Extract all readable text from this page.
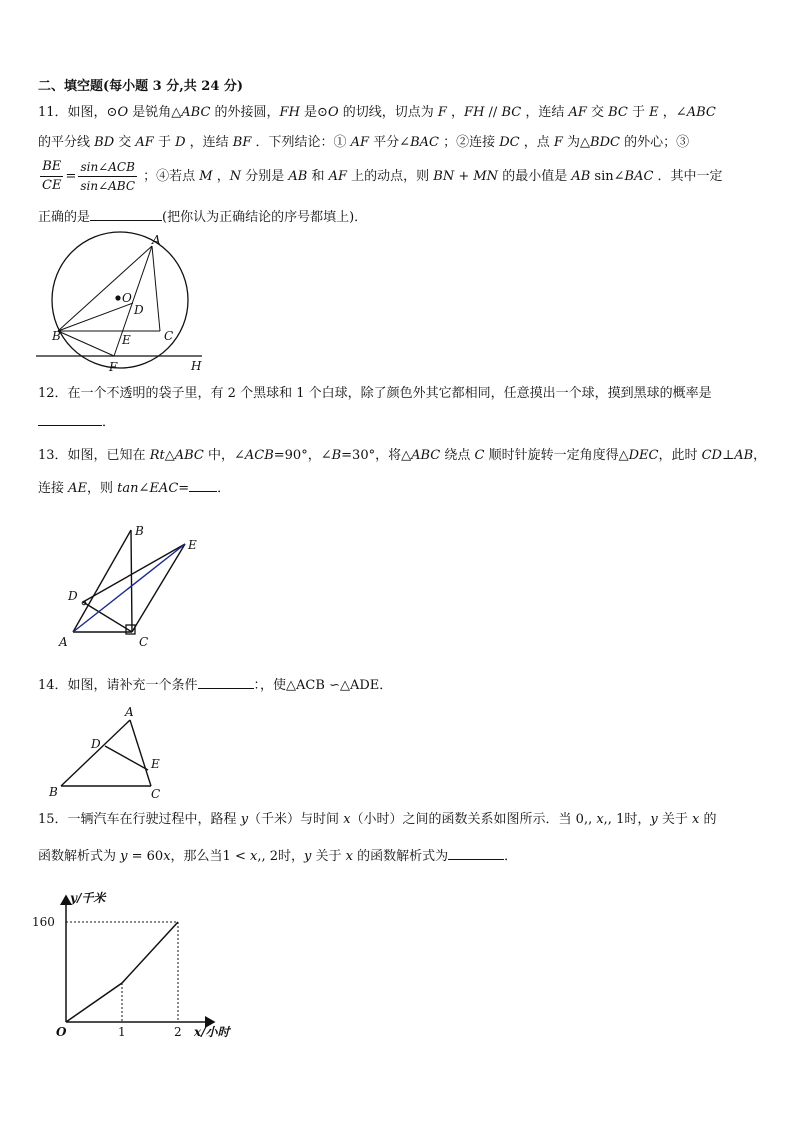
二、填空题(每小题 3 分,共 24 分)
11．如图，⊙O 是锐角△ABC 的外接圆，FH 是⊙O 的切线，切点为 F ，FH // BC ，连结 AF 交 BC 于 E ，∠ABC
的平分线 BD 交 AF 于 D ，连结 BF ．下列结论：① AF 平分∠BAC ；②连接 DC ，点 F 为△BDC 的外心；③
$\frac{BE}{CE} = \frac{\text{sin∠ACB}}{\text{sin∠ABC}}$ ；④若点 M ，N 分别是 AB 和 AF 上的动点，则 BN + MN 的最小值是 AB sin∠BAC ．其中一定
正确的是	(把你认为正确结论的序号都填上)．
A
O
D
B	C
E
F	H
12．在一个不透明的袋子里，有 2 个黑球和 1 个白球，除了颜色外其它都相同，任意摸出一个球，摸到黑球的概率是
．
13．如图，已知在 Rt△ABC 中，∠ACB=90°，∠B=30°，将△ABC 绕点 C 顺时针旋转一定角度得△DEC，此时 CD⊥AB，
连接 AE，则 tan∠EAC= ．
B
E
D
A	C
14．如图，请补充一个条件	：，使△ACB ∽△ADE．
A
D
E
B	C
15．一辆汽车在行驶过程中，路程 y（千米）与时间 x（小时）之间的函数关系如图所示．当 0,, x,, 1时，y 关于 x 的
函数解析式为 y = 60x，那么当1 < x,, 2时，y 关于 x 的函数解析式为	．
160
y/千米
O	1	2 x/小时
